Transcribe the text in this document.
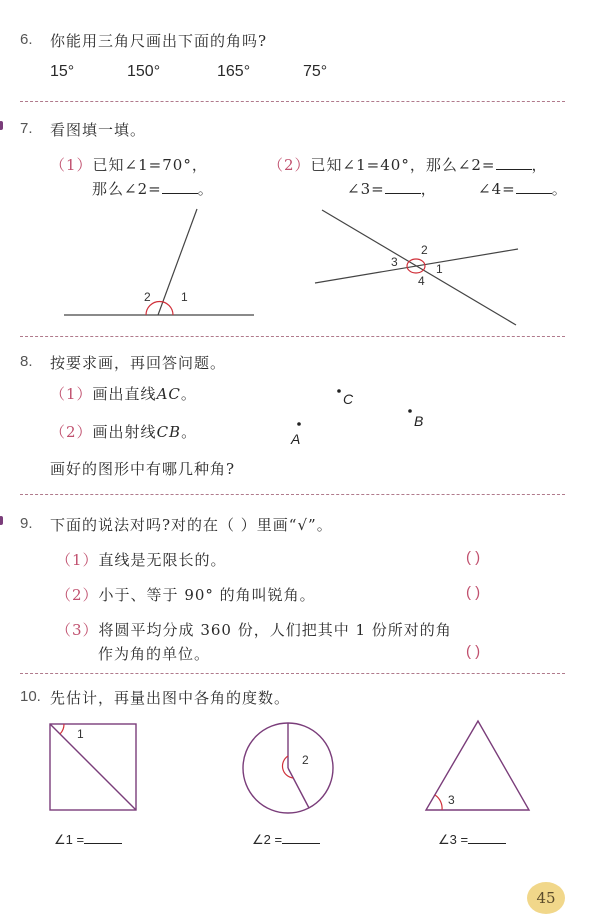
6. 你能用三角尺画出下面的角吗?
15°	150°	165°	75°
7. 看图填一填。
（1）已知∠1=70°，
那么∠2= 。
（2）已知∠1=40°，那么∠2= ，
∠3= ，	∠4= 。
2	1
2
3	1
4
8. 按要求画，再回答问题。
（1）画出直线AC。
（2）画出射线CB。
画好的图形中有哪几种角?
C
B
A
9. 下面的说法对吗?对的在（ ）里画“√”。
（1）直线是无限长的。	( )
（2）小于、等于 90° 的角叫锐角。	( )
（3）将圆平均分成 360 份，人们把其中 1 份所对的角
作为角的单位。	( )
10. 先估计，再量出图中各角的度数。
1
2
3
∠1 =	∠2 =	∠3 =
45
